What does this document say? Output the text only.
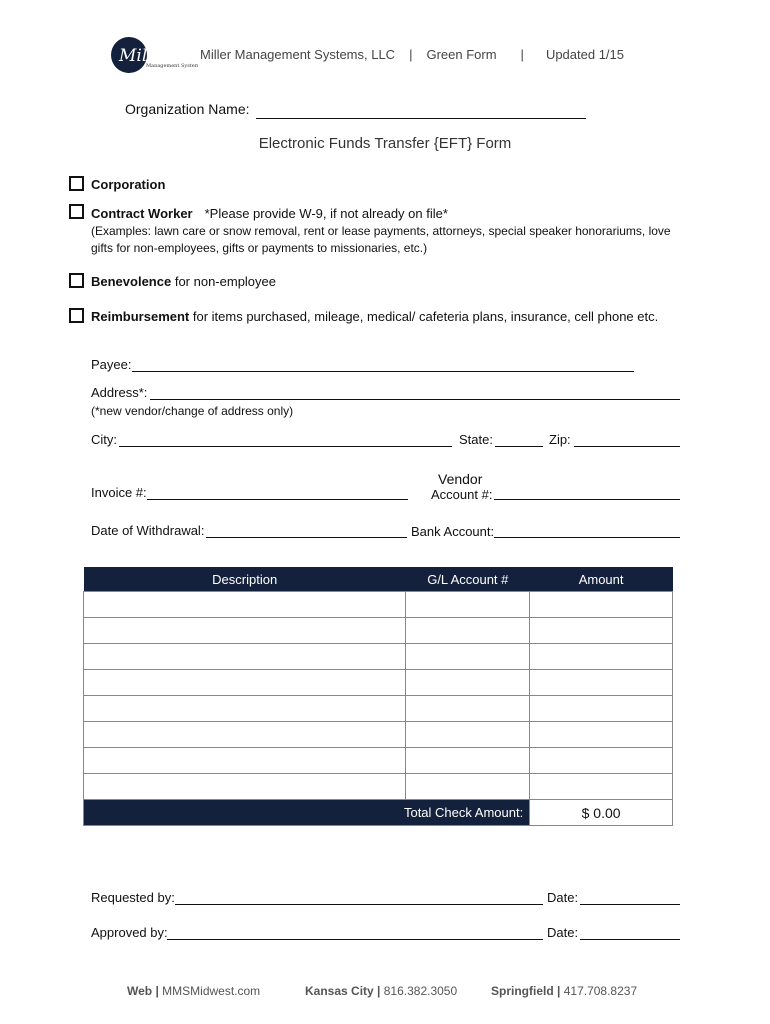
Miller
Management Systems
Miller Management Systems, LLC | Green Form | Updated 1/15
Organization Name:
Electronic Funds Transfer {EFT} Form
Corporation
Contract Worker *Please provide W-9, if not already on file*
(Examples: lawn care or snow removal, rent or lease payments, attorneys, special speaker honorariums, love gifts for non-employees, gifts or payments to missionaries, etc.)
Benevolence for non-employee
Reimbursement for items purchased, mileage, medical/ cafeteria plans, insurance, cell phone etc.
Payee:
Address*:
(*new vendor/change of address only)
City:	State:	Zip:
Invoice #:
Vendor
Account #:
Date of Withdrawal:	Bank Account:
Description	G/L Account #	Amount

Total Check Amount:		$ 0.00
Requested by:	Date:
Approved by:	Date:
Web | MMSMidwest.com	Kansas City | 816.382.3050	Springfield | 417.708.8237
